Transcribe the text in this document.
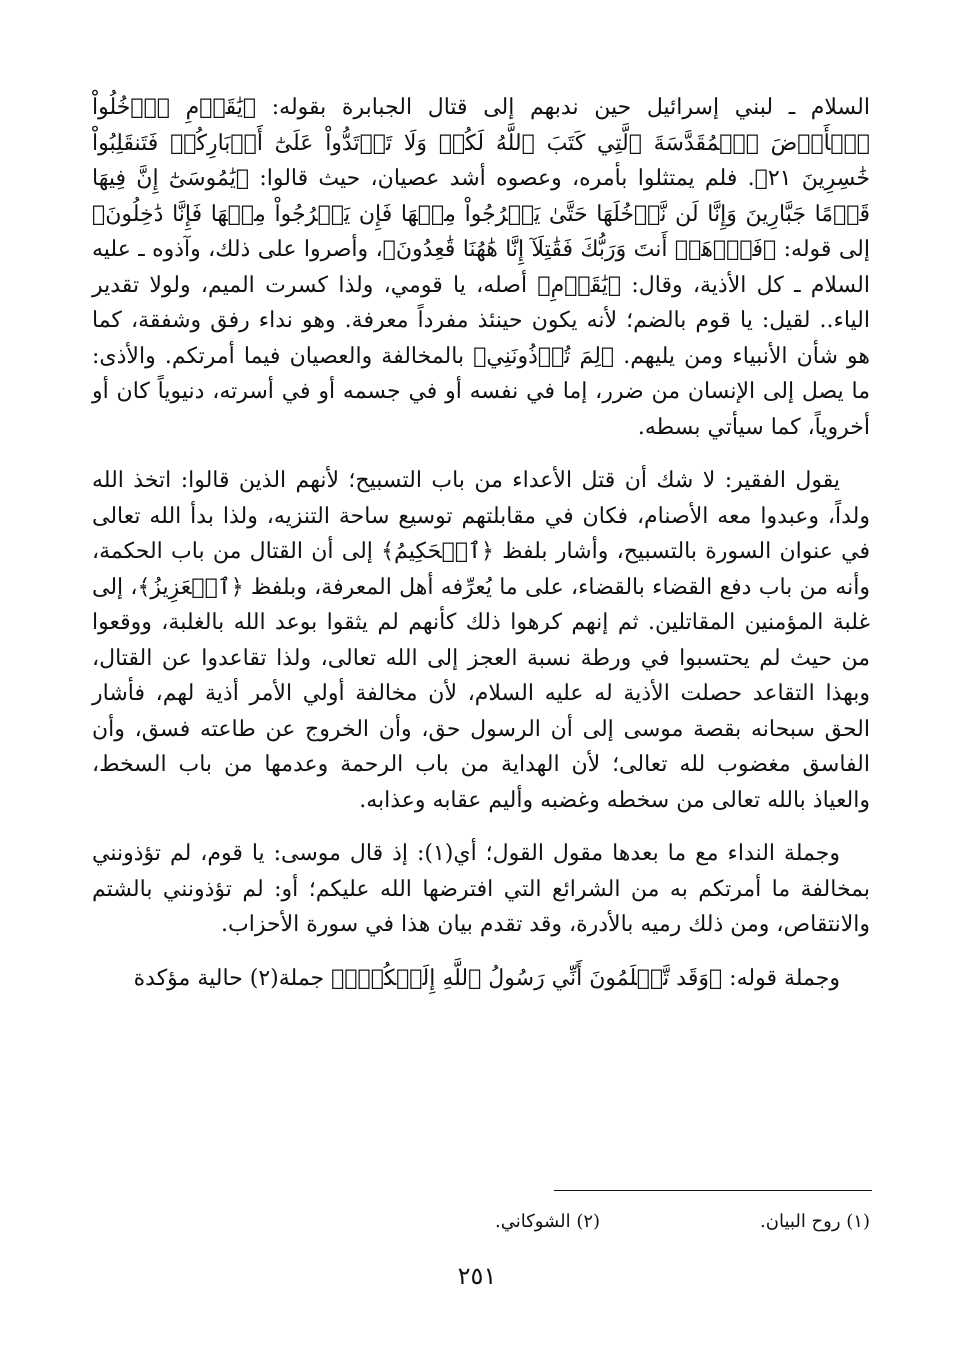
السلام ـ لبني إسرائيل حين ندبهم إلى قتال الجبابرة بقوله: ﴿يَٰقَوۡمِ ٱدۡخُلُواْ ٱلۡأَرۡضَ ٱلۡمُقَدَّسَةَ ٱلَّتِي كَتَبَ ٱللَّهُ لَكُمۡ وَلَا تَرۡتَدُّواْ عَلَىٰٓ أَدۡبَارِكُمۡ فَتَنقَلِبُواْ خَٰسِرِينَ ٢١﴾. فلم يمتثلوا بأمره، وعصوه أشد عصيان، حيث قالوا: ﴿يَٰمُوسَىٰٓ إِنَّ فِيهَا قَوۡمًا جَبَّارِينَ وَإِنَّا لَن نَّدۡخُلَهَا حَتَّىٰ يَخۡرُجُواْ مِنۡهَا فَإِن يَخۡرُجُواْ مِنۡهَا فَإِنَّا دَٰخِلُونَ﴾ إلى قوله: ﴿فَٱذۡهَبۡ أَنتَ وَرَبُّكَ فَقَٰتِلَآ إِنَّا هَٰهُنَا قَٰعِدُونَ﴾، وأصروا على ذلك، وآذوه ـ عليه السلام ـ كل الأذية، وقال: ﴿يَٰقَوۡمِ﴾ أصله، يا قومي، ولذا كسرت الميم، ولولا تقدير الياء.. لقيل: يا قوم بالضم؛ لأنه يكون حينئذ مفرداً معرفة. وهو نداء رفق وشفقة، كما هو شأن الأنبياء ومن يليهم. ﴿لِمَ تُؤۡذُونَنِي﴾ بالمخالفة والعصيان فيما أمرتكم. والأذى: ما يصل إلى الإنسان من ضرر، إما في نفسه أو في جسمه أو في أسرته، دنيوياً كان أو أخروياً، كما سيأتي بسطه.

يقول الفقير: لا شك أن قتل الأعداء من باب التسبيح؛ لأنهم الذين قالوا: اتخذ الله ولداً، وعبدوا معه الأصنام، فكان في مقابلتهم توسيع ساحة التنزيه، ولذا بدأ الله تعالى في عنوان السورة بالتسبيح، وأشار بلفظ ﴿ٱلۡحَكِيمُ﴾ إلى أن القتال من باب الحكمة، وأنه من باب دفع القضاء بالقضاء، على ما يُعرِّفه أهل المعرفة، وبلفظ ﴿ٱلۡعَزِيزُ﴾، إلى غلبة المؤمنين المقاتلين. ثم إنهم كرهوا ذلك كأنهم لم يثقوا بوعد الله بالغلبة، ووقعوا من حيث لم يحتسبوا في ورطة نسبة العجز إلى الله تعالى، ولذا تقاعدوا عن القتال، وبهذا التقاعد حصلت الأذية له عليه السلام، لأن مخالفة أولي الأمر أذية لهم، فأشار الحق سبحانه بقصة موسى إلى أن الرسول حق، وأن الخروج عن طاعته فسق، وأن الفاسق مغضوب لله تعالى؛ لأن الهداية من باب الرحمة وعدمها من باب السخط، والعياذ بالله تعالى من سخطه وغضبه وأليم عقابه وعذابه.

وجملة النداء مع ما بعدها مقول القول؛ أي(١): إذ قال موسى: يا قوم، لم تؤذونني بمخالفة ما أمرتكم به من الشرائع التي افترضها الله عليكم؛ أو: لم تؤذونني بالشتم والانتقاص، ومن ذلك رميه بالأدرة، وقد تقدم بيان هذا في سورة الأحزاب.

وجملة قوله: ﴿وَقَد تَّعۡلَمُونَ أَنِّي رَسُولُ ٱللَّهِ إِلَيۡكُمۡۖ﴾ جملة(٢) حالية مؤكدة

(١) روح البيان.
(٢) الشوكاني.
٢٥١
